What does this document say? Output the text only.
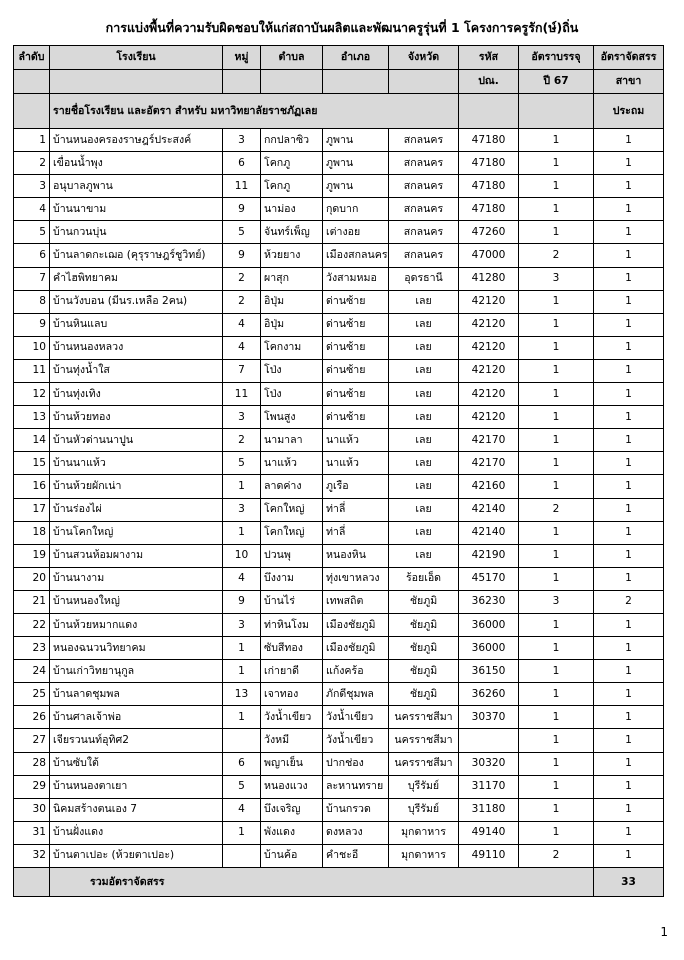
การแบ่งพื้นที่ความรับผิดชอบให้แก่สถาบันผลิตและพัฒนาครูรุ่นที่ 1 โครงการครูรัก(ษ์)ถิ่น
ลำดับ	โรงเรียน	หมู่	ตำบล	อำเภอ	จังหวัด	รหัส	อัตราบรรจุ	อัตราจัดสรร
						ปณ.	ปี 67	สาขา
	รายชื่อโรงเรียน และอัตรา สำหรับ มหาวิทยาลัยราชภัฏเลย							ประถม
1	บ้านหนองครองราษฎร์ประสงค์	3	กกปลาซิว	ภูพาน	สกลนคร	47180	1	1
2	เขื่อนน้ำพุง	6	โคกภู	ภูพาน	สกลนคร	47180	1	1
3	อนุบาลภูพาน	11	โคกภู	ภูพาน	สกลนคร	47180	1	1
4	บ้านนาขาม	9	นาม่อง	กุดบาก	สกลนคร	47180	1	1
5	บ้านกวนบุ่น	5	จันทร์เพ็ญ	เต่างอย	สกลนคร	47260	1	1
6	บ้านลาดกะเฌอ (คุรุราษฎร์ชูวิทย์)	9	ห้วยยาง	เมืองสกลนคร	สกลนคร	47000	2	1
7	คำไฮพิทยาคม	2	ผาสุก	วังสามหมอ	อุดรธานี	41280	3	1
8	บ้านวังบอน (มีนร.เหลือ 2คน)	2	อิปุ่ม	ด่านซ้าย	เลย	42120	1	1
9	บ้านหินแลบ	4	อิปุ่ม	ด่านซ้าย	เลย	42120	1	1
10	บ้านหนองหลวง	4	โคกงาม	ด่านซ้าย	เลย	42120	1	1
11	บ้านทุ่งน้ำใส	7	โป่ง	ด่านซ้าย	เลย	42120	1	1
12	บ้านทุ่งเทิง	11	โป่ง	ด่านซ้าย	เลย	42120	1	1
13	บ้านห้วยทอง	3	โพนสูง	ด่านซ้าย	เลย	42120	1	1
14	บ้านหัวด่านนาปูน	2	นามาลา	นาแห้ว	เลย	42170	1	1
15	บ้านนาแห้ว	5	นาแห้ว	นาแห้ว	เลย	42170	1	1
16	บ้านห้วยผักเน่า	1	ลาดค่าง	ภูเรือ	เลย	42160	1	1
17	บ้านร่องไผ่	3	โคกใหญ่	ท่าลี่	เลย	42140	2	1
18	บ้านโคกใหญ่	1	โคกใหญ่	ท่าลี่	เลย	42140	1	1
19	บ้านสวนห้อมผางาม	10	ปวนพุ	หนองหิน	เลย	42190	1	1
20	บ้านนางาม	4	บึงงาม	ทุ่งเขาหลวง	ร้อยเอ็ด	45170	1	1
21	บ้านหนองใหญ่	9	บ้านไร่	เทพสถิต	ชัยภูมิ	36230	3	2
22	บ้านห้วยหมากแดง	3	ท่าหินโงม	เมืองชัยภูมิ	ชัยภูมิ	36000	1	1
23	หนองฉนวนวิทยาคม	1	ซับสีทอง	เมืองชัยภูมิ	ชัยภูมิ	36000	1	1
24	บ้านเก่าวิทยานุกูล	1	เก่ายาดี	แก้งคร้อ	ชัยภูมิ	36150	1	1
25	บ้านลาดชุมพล	13	เจาทอง	ภักดีชุมพล	ชัยภูมิ	36260	1	1
26	บ้านศาลเจ้าพ่อ	1	วังน้ำเขียว	วังน้ำเขียว	นครราชสีมา	30370	1	1
27	เจียรวนนท์อุทิศ2		วังหมี	วังน้ำเขียว	นครราชสีมา		1	1
28	บ้านซับใต้	6	พญาเย็น	ปากช่อง	นครราชสีมา	30320	1	1
29	บ้านหนองตาเยา	5	หนองแวง	ละหานทราย	บุรีรัมย์	31170	1	1
30	นิคมสร้างตนเอง 7	4	บึงเจริญ	บ้านกรวด	บุรีรัมย์	31180	1	1
31	บ้านฝั่งแดง	1	พังแดง	ดงหลวง	มุกดาหาร	49140	1	1
32	บ้านตาเปอะ (ห้วยตาเปอะ)		บ้านค้อ	คำชะอี	มุกดาหาร	49110	2	1
	รวมอัตราจัดสรร							33
1
